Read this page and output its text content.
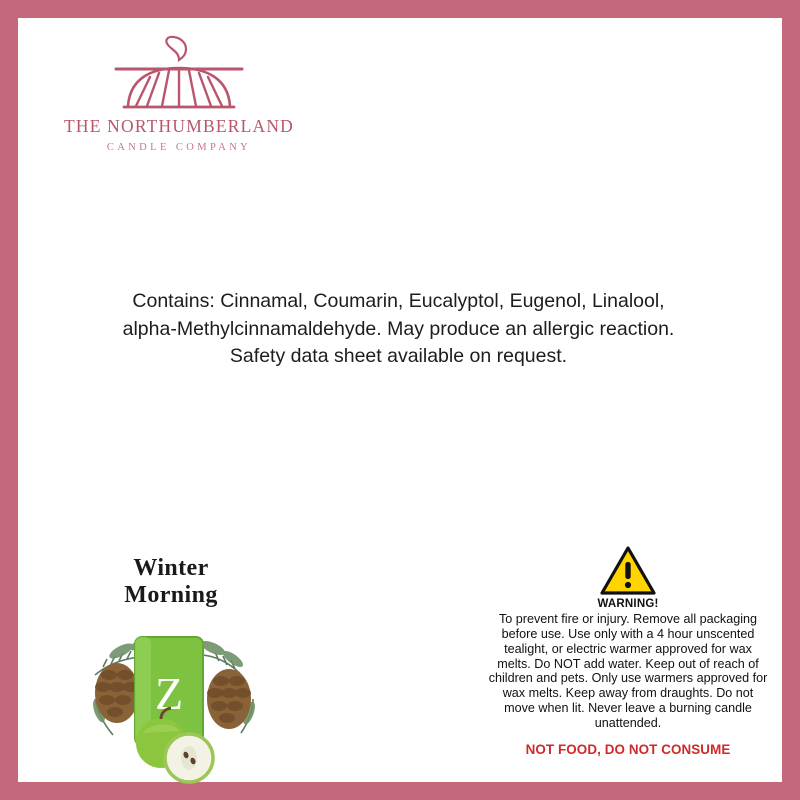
THE NORTHUMBERLAND
CANDLE COMPANY
Contains: Cinnamal, Coumarin, Eucalyptol, Eugenol, Linalool, alpha-Methylcinnamaldehyde. May produce an allergic reaction. Safety data sheet available on request.
Winter
Morning
Z
WARNING!
To prevent fire or injury. Remove all packaging before use. Use only with a 4 hour unscented tealight, or electric warmer approved for wax melts. Do NOT add water. Keep out of reach of children and pets. Only use warmers approved for wax melts. Keep away from draughts. Do not move when lit. Never leave a burning candle unattended.
NOT FOOD, DO NOT CONSUME
